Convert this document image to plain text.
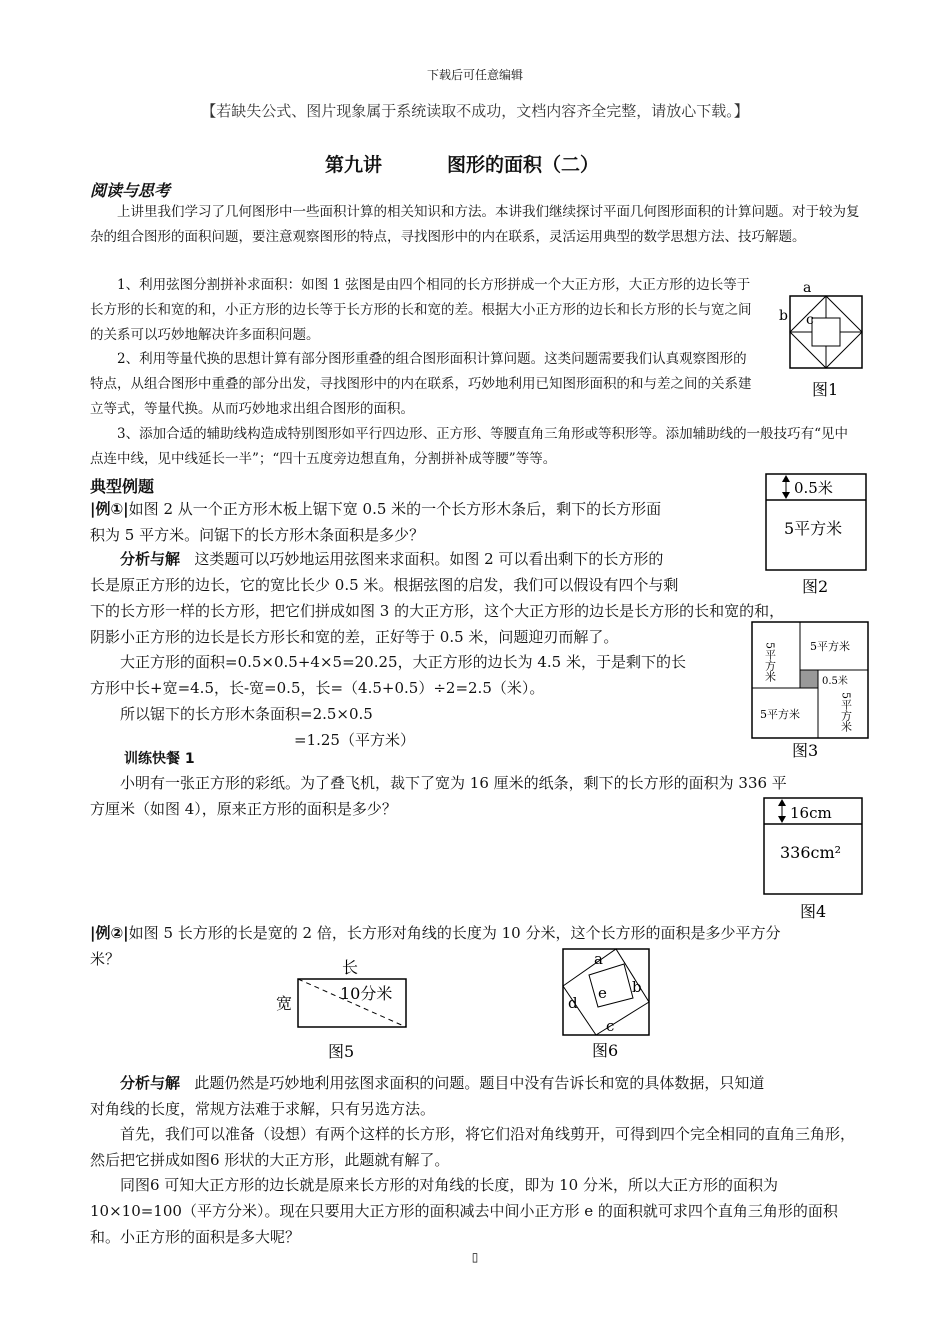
下载后可任意编辑
【若缺失公式、图片现象属于系统读取不成功，文档内容齐全完整，请放心下载。】
第九讲	图形的面积（二）
阅读与思考
上讲里我们学习了几何图形中一些面积计算的相关知识和方法。本讲我们继续探讨平面几何图形面积的计算问题。对于较为复杂的组合图形的面积问题，要注意观察图形的特点，寻找图形中的内在联系，灵活运用典型的数学思想方法、技巧解题。
1、利用弦图分割拼补求面积：如图 1 弦图是由四个相同的长方形拼成一个大正方形，大正方形的边长等于长方形的长和宽的和，小正方形的边长等于长方形的长和宽的差。根据大小正方形的边长和长方形的长与宽之间的关系可以巧妙地解决许多面积问题。
2、利用等量代换的思想计算有部分图形重叠的组合图形面积计算问题。这类问题需要我们认真观察图形的特点，从组合图形中重叠的部分出发，寻找图形中的内在联系，巧妙地利用已知图形面积的和与差之间的关系建立等式，等量代换。从而巧妙地求出组合图形的面积。
3、添加合适的辅助线构造成特别图形如平行四边形、正方形、等腰直角三角形或等积形等。添加辅助线的一般技巧有“见中点连中线，见中线延长一半”；“四十五度旁边想直角，分割拼补成等腰”等等。
a
b c
图1
典型例题
|例①|如图 2 从一个正方形木板上锯下宽 0.5 米的一个长方形木条后，剩下的长方形面
积为 5 平方米。问锯下的长方形木条面积是多少？
分析与解 这类题可以巧妙地运用弦图来求面积。如图 2 可以看出剩下的长方形的
长是原正方形的边长，它的宽比长少 0.5 米。根据弦图的启发，我们可以假设有四个与剩
下的长方形一样的长方形，把它们拼成如图 3 的大正方形，这个大正方形的边长是长方形的长和宽的和，
阴影小正方形的边长是长方形长和宽的差，正好等于 0.5 米，问题迎刃而解了。
大正方形的面积=0.5×0.5+4×5=20.25，大正方形的边长为 4.5 米，于是剩下的长
方形中长+宽=4.5，长-宽=0.5，长=（4.5+0.5）÷2=2.5（米）。
所以锯下的长方形木条面积=2.5×0.5
=1.25（平方米）
0.5米
5平方米
图2
5平方米	5平方米
5平方米
5平方米
0.5米
图3
训练快餐 1
小明有一张正方形的彩纸。为了叠飞机，裁下了宽为 16 厘米的纸条，剩下的长方形的面积为 336 平
方厘米（如图 4），原来正方形的面积是多少？	16cm
336cm²
图4
|例②|如图 5 长方形的长是宽的 2 倍，长方形对角线的长度为 10 分米，这个长方形的面积是多少平方分
米？	长
宽
10分米
图5
a
b
c
d
e
图6
分析与解 此题仍然是巧妙地利用弦图求面积的问题。题目中没有告诉长和宽的具体数据，只知道
对角线的长度，常规方法难于求解，只有另选方法。
首先，我们可以准备（设想）有两个这样的长方形，将它们沿对角线剪开，可得到四个完全相同的直角三角形，然后把它拼成如图6 形状的大正方形，此题就有解了。
同图6 可知大正方形的边长就是原来长方形的对角线的长度，即为 10 分米，所以大正方形的面积为 10×10=100（平方分米）。现在只要用大正方形的面积减去中间小正方形 e 的面积就可求四个直角三角形的面积和。小正方形的面积是多大呢？
▯
